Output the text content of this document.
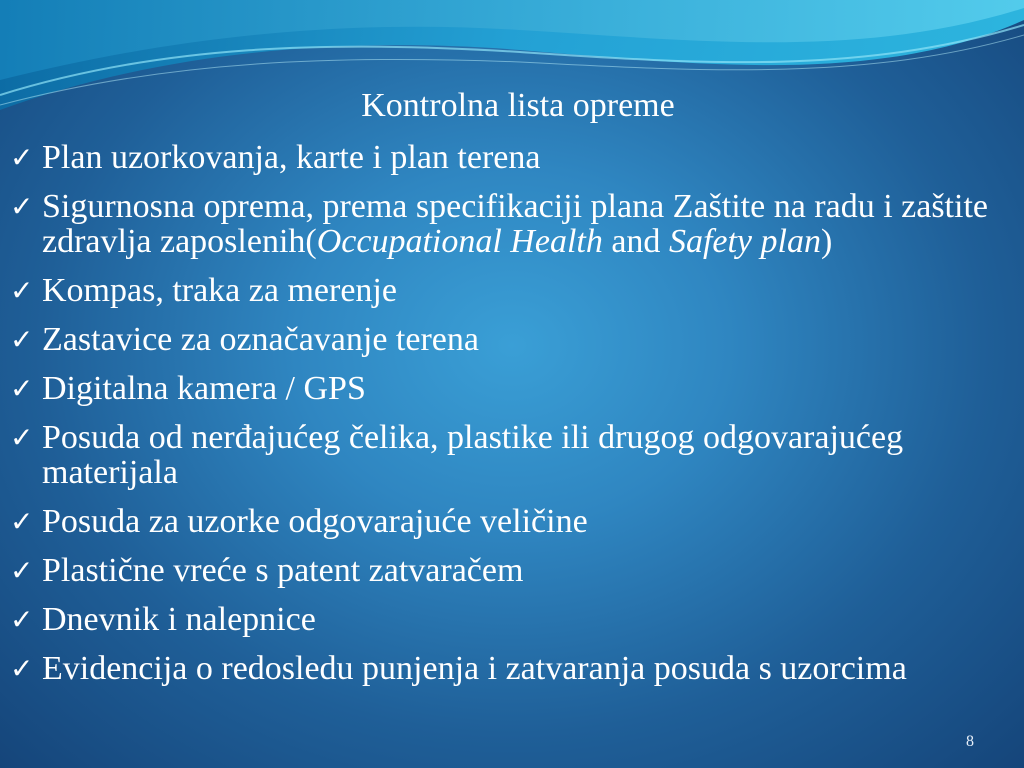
Kontrolna lista opreme
✓ Plan uzorkovanja, karte i plan terena
✓ Sigurnosna oprema, prema specifikaciji plana Zaštite na radu i zaštite zdravlja zaposlenih(Occupational Health and Safety plan)
✓ Kompas, traka za merenje
✓ Zastavice za označavanje terena
✓ Digitalna kamera / GPS
✓ Posuda od nerđajućeg čelika, plastike ili drugog odgovarajućeg materijala
✓ Posuda za uzorke odgovarajuće veličine
✓ Plastične vreće s patent zatvaračem
✓ Dnevnik i nalepnice
✓ Evidencija o redosledu punjenja i zatvaranja posuda s uzorcima
8
